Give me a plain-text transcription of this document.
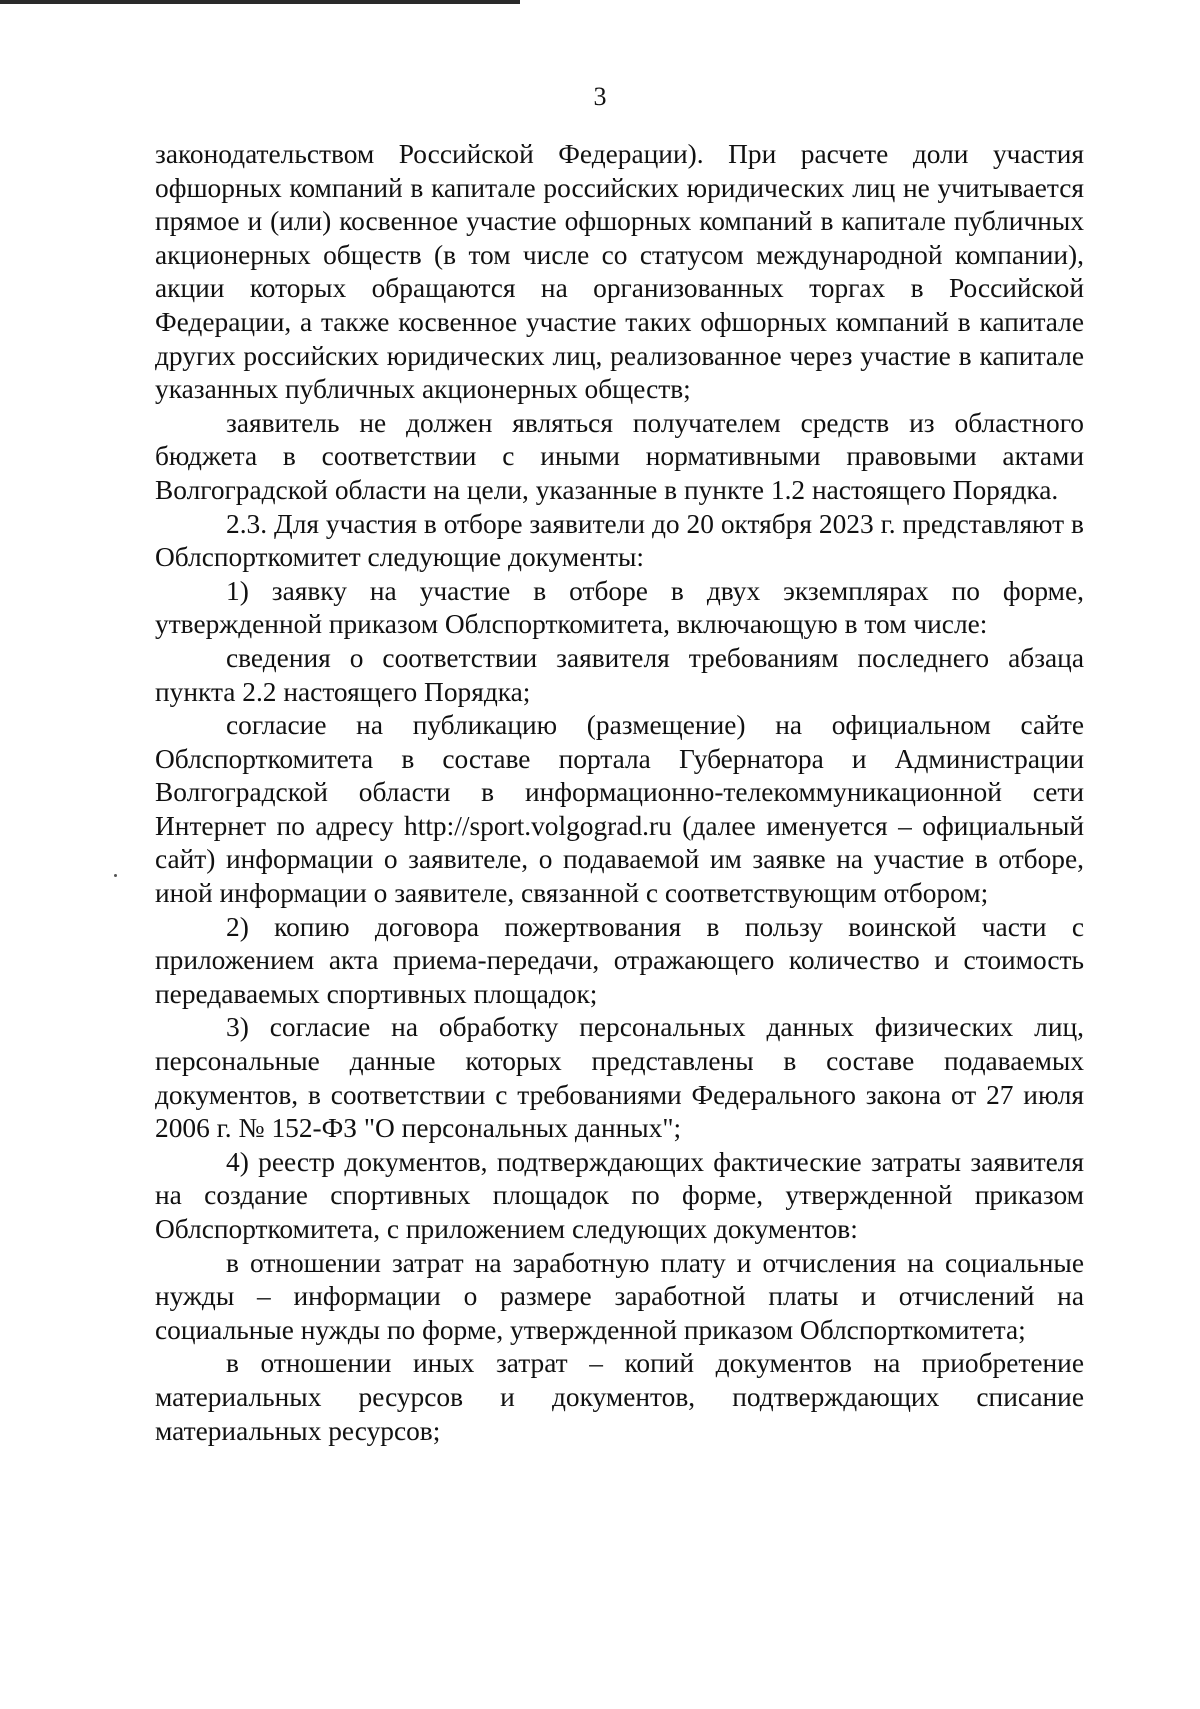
3

законодательством Российской Федерации). При расчете доли участия офшорных компаний в капитале российских юридических лиц не учитывается прямое и (или) косвенное участие офшорных компаний в капитале публичных акционерных обществ (в том числе со статусом международной компании), акции которых обращаются на организованных торгах в Российской Федерации, а также косвенное участие таких офшорных компаний в капитале других российских юридических лиц, реализованное через участие в капитале указанных публичных акционерных обществ;

заявитель не должен являться получателем средств из областного бюджета в соответствии с иными нормативными правовыми актами Волгоградской области на цели, указанные в пункте 1.2 настоящего Порядка.

2.3. Для участия в отборе заявители до 20 октября 2023 г. представляют в Облспорткомитет следующие документы:

1) заявку на участие в отборе в двух экземплярах по форме, утвержденной приказом Облспорткомитета, включающую в том числе:

сведения о соответствии заявителя требованиям последнего абзаца пункта 2.2 настоящего Порядка;

согласие на публикацию (размещение) на официальном сайте Облспорткомитета в составе портала Губернатора и Администрации Волгоградской области в информационно-телекоммуникационной сети Интернет по адресу http://sport.volgograd.ru (далее именуется – официальный сайт) информации о заявителе, о подаваемой им заявке на участие в отборе, иной информации о заявителе, связанной с соответствующим отбором;

2) копию договора пожертвования в пользу воинской части с приложением акта приема-передачи, отражающего количество и стоимость передаваемых спортивных площадок;

3) согласие на обработку персональных данных физических лиц, персональные данные которых представлены в составе подаваемых документов, в соответствии с требованиями Федерального закона от 27 июля 2006 г. № 152-ФЗ "О персональных данных";

4) реестр документов, подтверждающих фактические затраты заявителя на создание спортивных площадок по форме, утвержденной приказом Облспорткомитета, с приложением следующих документов:

в отношении затрат на заработную плату и отчисления на социальные нужды – информации о размере заработной платы и отчислений на социальные нужды по форме, утвержденной приказом Облспорткомитета;

в отношении иных затрат – копий документов на приобретение материальных ресурсов и документов, подтверждающих списание материальных ресурсов;
